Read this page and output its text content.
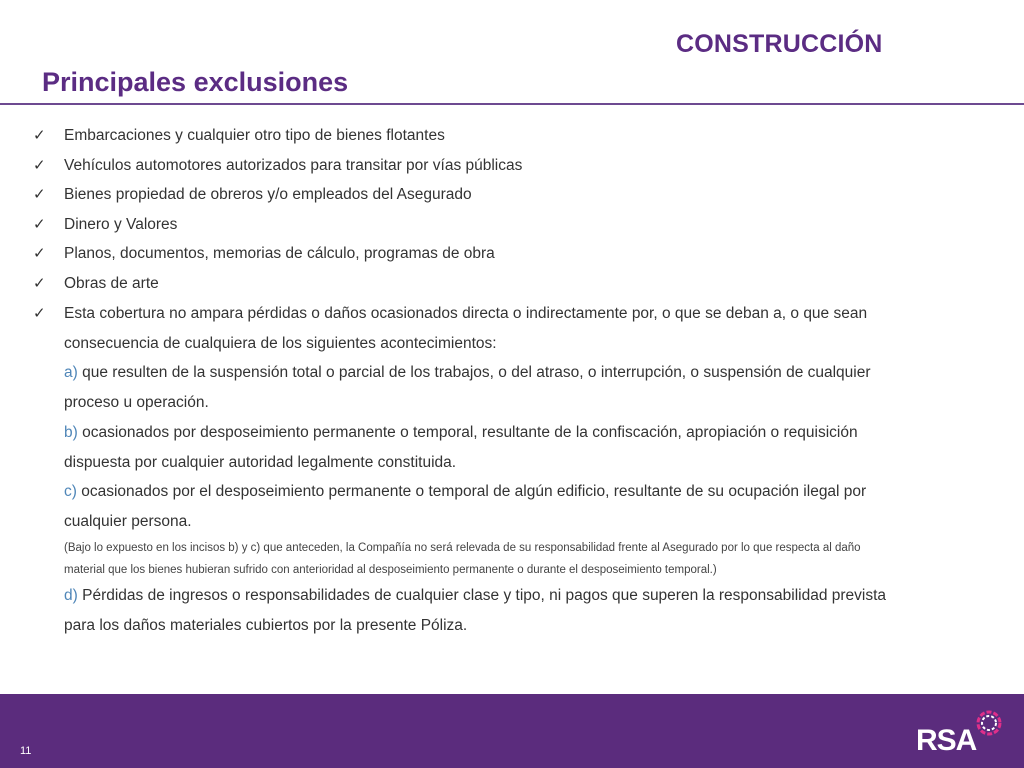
CONSTRUCCIÓN
Principales exclusiones
✓ Embarcaciones y cualquier otro tipo de bienes flotantes
✓ Vehículos automotores autorizados para transitar por vías públicas
✓ Bienes propiedad de obreros y/o empleados del Asegurado
✓ Dinero y Valores
✓ Planos, documentos, memorias de cálculo, programas de obra
✓ Obras de arte
✓ Esta cobertura no ampara pérdidas o daños ocasionados directa o indirectamente por, o que se deban a, o que sean
consecuencia de cualquiera de los siguientes acontecimientos:
a) que resulten de la suspensión total o parcial de los trabajos, o del atraso, o interrupción, o suspensión de cualquier
proceso u operación.
b) ocasionados por desposeimiento permanente o temporal, resultante de la confiscación, apropiación o requisición
dispuesta por cualquier autoridad legalmente constituida.
c) ocasionados por el desposeimiento permanente o temporal de algún edificio, resultante de su ocupación ilegal por
cualquier persona.
(Bajo lo expuesto en los incisos b) y c) que anteceden, la Compañía no será relevada de su responsabilidad frente al Asegurado por lo que respecta al daño
material que los bienes hubieran sufrido con anterioridad al desposeimiento permanente o durante el desposeimiento temporal.)
d) Pérdidas de ingresos o responsabilidades de cualquier clase y tipo, ni pagos que superen la responsabilidad prevista
para los daños materiales cubiertos por la presente Póliza.
11	RSA
